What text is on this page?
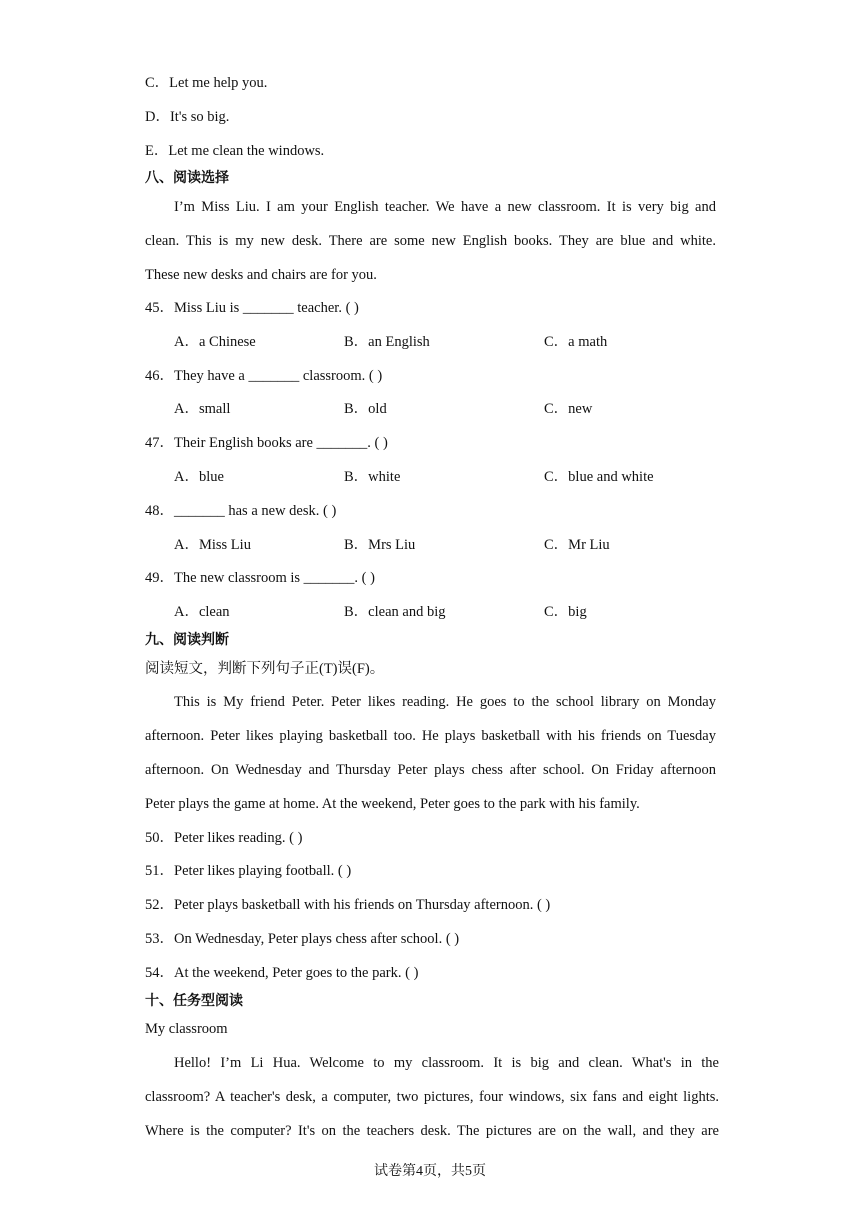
C．Let me help you.
D．It's so big.
E．Let me clean the windows.
八、阅读选择
I’m Miss Liu. I am your English teacher. We have a new classroom. It is very big and
clean. This is my new desk. There are some new English books. They are blue and white.
These new desks and chairs are for you.
45．Miss Liu is _______ teacher. ( )
A．a Chinese	B．an English	C．a math
46．They have a _______ classroom. ( )
A．small	B．old	C．new
47．Their English books are _______. ( )
A．blue	B．white	C．blue and white
48．_______ has a new desk. ( )
A．Miss Liu	B．Mrs Liu	C．Mr Liu
49．The new classroom is _______. ( )
A．clean	B．clean and big	C．big
九、阅读判断
阅读短文，判断下列句子正(T)误(F)。
This is My friend Peter. Peter likes reading. He goes to the school library on Monday
afternoon. Peter likes playing basketball too. He plays basketball with his friends on Tuesday
afternoon. On Wednesday and Thursday Peter plays chess after school. On Friday afternoon
Peter plays the game at home. At the weekend, Peter goes to the park with his family.
50．Peter likes reading. ( )
51．Peter likes playing football. ( )
52．Peter plays basketball with his friends on Thursday afternoon. ( )
53．On Wednesday, Peter plays chess after school. ( )
54．At the weekend, Peter goes to the park. ( )
十、任务型阅读
My classroom
Hello! I’m Li Hua. Welcome to my classroom. It is big and clean. What's in the
classroom? A teacher's desk, a computer, two pictures, four windows, six fans and eight lights.
Where is the computer? It's on the teachers desk. The pictures are on the wall, and they are
试卷第4页，共5页
